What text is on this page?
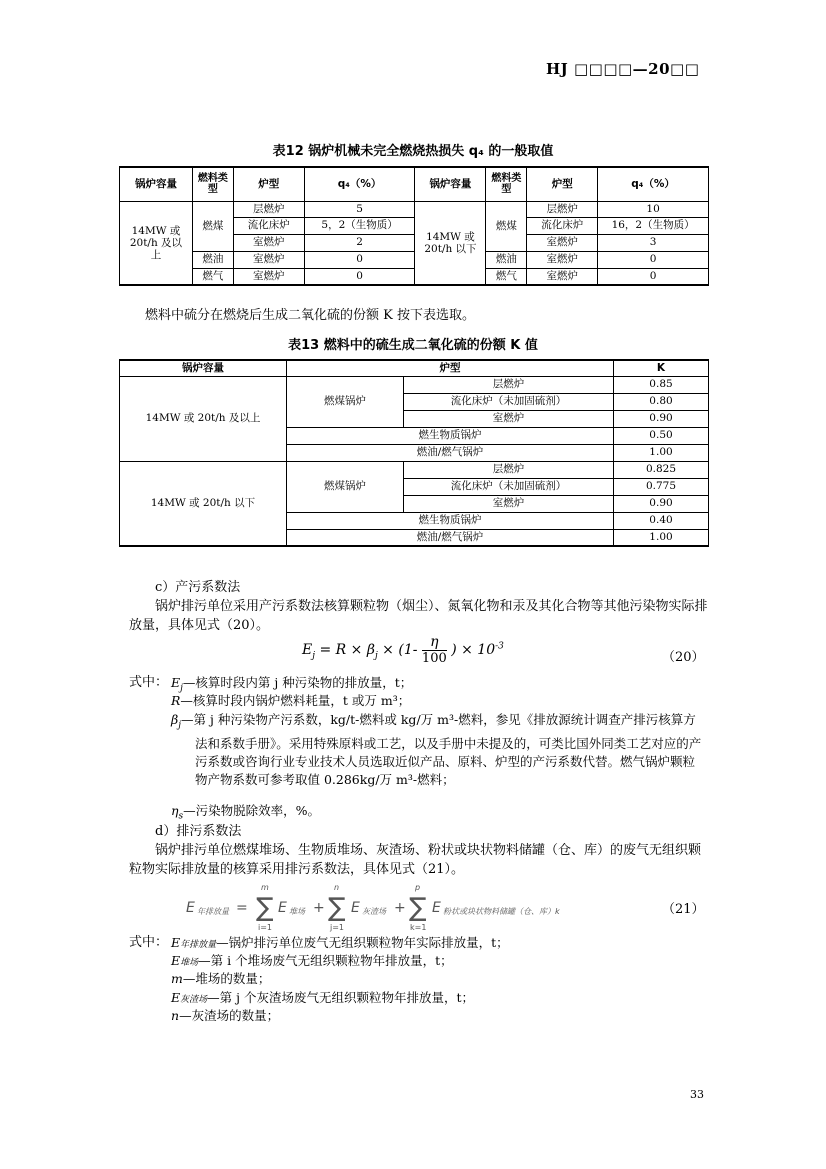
HJ □□□□—20□□
表12 锅炉机械未完全燃烧热损失 q₄ 的一般取值
锅炉容量	燃料类型	炉型	q₄（%）	锅炉容量	燃料类型	炉型	q₄（%）
14MW 或 20t/h 及以上	燃煤	层燃炉	5	14MW 或 20t/h 以下	燃煤	层燃炉	10
		流化床炉	5，2（生物质）			流化床炉	16，2（生物质）
		室燃炉	2			室燃炉	3
	燃油	室燃炉	0		燃油	室燃炉	0
	燃气	室燃炉	0		燃气	室燃炉	0
燃料中硫分在燃烧后生成二氧化硫的份额 K 按下表选取。
表13 燃料中的硫生成二氧化硫的份额 K 值
锅炉容量	炉型		K
14MW 或 20t/h 及以上	燃煤锅炉	层燃炉	0.85
		流化床炉（未加固硫剂）	0.80
		室燃炉	0.90
	燃生物质锅炉		0.50
	燃油/燃气锅炉		1.00
14MW 或 20t/h 以下	燃煤锅炉	层燃炉	0.825
		流化床炉（未加固硫剂）	0.775
		室燃炉	0.90
	燃生物质锅炉		0.40
	燃油/燃气锅炉		1.00
c）产污系数法
锅炉排污单位采用产污系数法核算颗粒物（烟尘）、氮氧化物和汞及其化合物等其他污染物实际排放量，具体见式（20）。
$E_j = R \times \beta_j \times (1- \frac{\eta}{100}$ ) × $10^{-3}$
（20）
式中： $E_j—$核算时段内第 j 种污染物的排放量，t；
R—核算时段内锅炉燃料耗量，t 或万 m³；
$\beta_j—$第 j 种污染物产污系数，kg/t-燃料或 kg/万 m³-燃料，参见《排放源统计调查产排污核算方法和系数手册》。采用特殊原料或工艺，以及手册中未提及的，可类比国外同类工艺对应的产污系数或咨询行业专业技术人员选取近似产品、原料、炉型的产污系数代替。燃气锅炉颗粒物产物系数可参考取值 0.286kg/万 m³-燃料；
$\eta_s—$污染物脱除效率，%。
d）排污系数法
锅炉排污单位燃煤堆场、生物质堆场、灰渣场、粉状或块状物料储罐（仓、库）的废气无组织颗粒物实际排放量的核算采用排污系数法，具体见式（21）。
E 年排放量 = ∑
m
i=1
E 堆场 + ∑
n
j=1
E 灰渣场 + ∑
p
k=1
E 粉状或块状物料储罐（仓、库）k	（21）
式中： E年排放量—锅炉排污单位废气无组织颗粒物年实际排放量，t；
E堆场—第 i 个堆场废气无组织颗粒物年排放量，t；
m—堆场的数量；
E灰渣场—第 j 个灰渣场废气无组织颗粒物年排放量，t；
n—灰渣场的数量；
33
